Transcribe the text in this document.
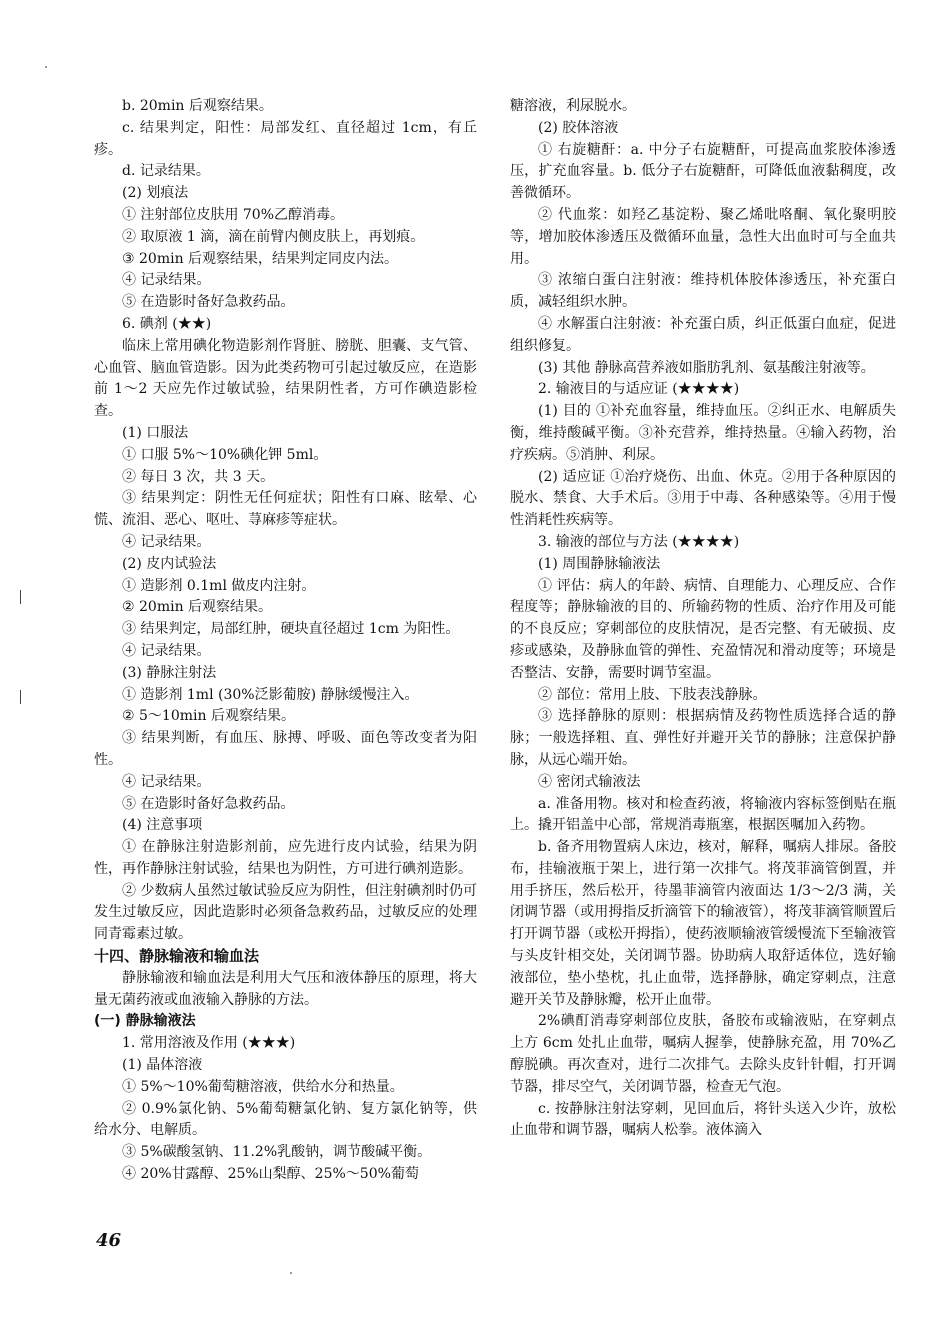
b. 20min 后观察结果。

c. 结果判定，阳性：局部发红、直径超过 1cm，有丘疹。

d. 记录结果。

(2) 划痕法

① 注射部位皮肤用 70%乙醇消毒。

② 取原液 1 滴，滴在前臂内侧皮肤上，再划痕。

③ 20min 后观察结果，结果判定同皮内法。

④ 记录结果。

⑤ 在造影时备好急救药品。

6. 碘剂 (★★)

临床上常用碘化物造影剂作肾脏、膀胱、胆囊、支气管、心血管、脑血管造影。因为此类药物可引起过敏反应，在造影前 1～2 天应先作过敏试验，结果阴性者，方可作碘造影检查。

(1) 口服法

① 口服 5%～10%碘化钾 5ml。

② 每日 3 次，共 3 天。

③ 结果判定：阴性无任何症状；阳性有口麻、眩晕、心慌、流泪、恶心、呕吐、荨麻疹等症状。

④ 记录结果。

(2) 皮内试验法

① 造影剂 0.1ml 做皮内注射。

② 20min 后观察结果。

③ 结果判定，局部红肿，硬块直径超过 1cm 为阳性。

④ 记录结果。

(3) 静脉注射法

① 造影剂 1ml (30%泛影葡胺) 静脉缓慢注入。

② 5～10min 后观察结果。

③ 结果判断，有血压、脉搏、呼吸、面色等改变者为阳性。

④ 记录结果。

⑤ 在造影时备好急救药品。

(4) 注意事项

① 在静脉注射造影剂前，应先进行皮内试验，结果为阴性，再作静脉注射试验，结果也为阴性，方可进行碘剂造影。

② 少数病人虽然过敏试验反应为阴性，但注射碘剂时仍可发生过敏反应，因此造影时必须备急救药品，过敏反应的处理同青霉素过敏。

十四、静脉输液和输血法

静脉输液和输血法是利用大气压和液体静压的原理，将大量无菌药液或血液输入静脉的方法。

(一) 静脉输液法

1. 常用溶液及作用 (★★★)

(1) 晶体溶液

① 5%～10%葡萄糖溶液，供给水分和热量。

② 0.9%氯化钠、5%葡萄糖氯化钠、复方氯化钠等，供给水分、电解质。

③ 5%碳酸氢钠、11.2%乳酸钠，调节酸碱平衡。

④ 20%甘露醇、25%山梨醇、25%～50%葡萄

糖溶液，利尿脱水。

(2) 胶体溶液

① 右旋糖酐：a. 中分子右旋糖酐，可提高血浆胶体渗透压，扩充血容量。b. 低分子右旋糖酐，可降低血液黏稠度，改善微循环。

② 代血浆：如羟乙基淀粉、聚乙烯吡咯酮、氧化聚明胶等，增加胶体渗透压及微循环血量，急性大出血时可与全血共用。

③ 浓缩白蛋白注射液：维持机体胶体渗透压，补充蛋白质，减轻组织水肿。

④ 水解蛋白注射液：补充蛋白质，纠正低蛋白血症，促进组织修复。

(3) 其他 静脉高营养液如脂肪乳剂、氨基酸注射液等。

2. 输液目的与适应证 (★★★★)

(1) 目的 ①补充血容量，维持血压。②纠正水、电解质失衡，维持酸碱平衡。③补充营养，维持热量。④输入药物，治疗疾病。⑤消肿、利尿。

(2) 适应证 ①治疗烧伤、出血、休克。②用于各种原因的脱水、禁食、大手术后。③用于中毒、各种感染等。④用于慢性消耗性疾病等。

3. 输液的部位与方法 (★★★★)

(1) 周围静脉输液法

① 评估：病人的年龄、病情、自理能力、心理反应、合作程度等；静脉输液的目的、所输药物的性质、治疗作用及可能的不良反应；穿刺部位的皮肤情况，是否完整、有无破损、皮疹或感染，及静脉血管的弹性、充盈情况和滑动度等；环境是否整洁、安静，需要时调节室温。

② 部位：常用上肢、下肢表浅静脉。

③ 选择静脉的原则：根据病情及药物性质选择合适的静脉；一般选择粗、直、弹性好并避开关节的静脉；注意保护静脉，从远心端开始。

④ 密闭式输液法

a. 准备用物。核对和检查药液，将输液内容标签倒贴在瓶上。撬开铝盖中心部，常规消毒瓶塞，根据医嘱加入药物。

b. 备齐用物置病人床边，核对，解释，嘱病人排尿。备胶布，挂输液瓶于架上，进行第一次排气。将茂菲滴管倒置，并用手挤压，然后松开，待墨菲滴管内液面达 1/3～2/3 满，关闭调节器（或用拇指反折滴管下的输液管），将茂菲滴管顺置后打开调节器（或松开拇指），使药液顺输液管缓慢流下至输液管与头皮针相交处，关闭调节器。协助病人取舒适体位，选好输液部位，垫小垫枕，扎止血带，选择静脉，确定穿刺点，注意避开关节及静脉瓣，松开止血带。

2%碘酊消毒穿刺部位皮肤，备胶布或输液贴，在穿刺点上方 6cm 处扎止血带，嘱病人握拳，使静脉充盈，用 70%乙醇脱碘。再次查对，进行二次排气。去除头皮针针帽，打开调节器，排尽空气，关闭调节器，检查无气泡。

c. 按静脉注射法穿刺，见回血后，将针头送入少许，放松止血带和调节器，嘱病人松拳。液体滴入

46
